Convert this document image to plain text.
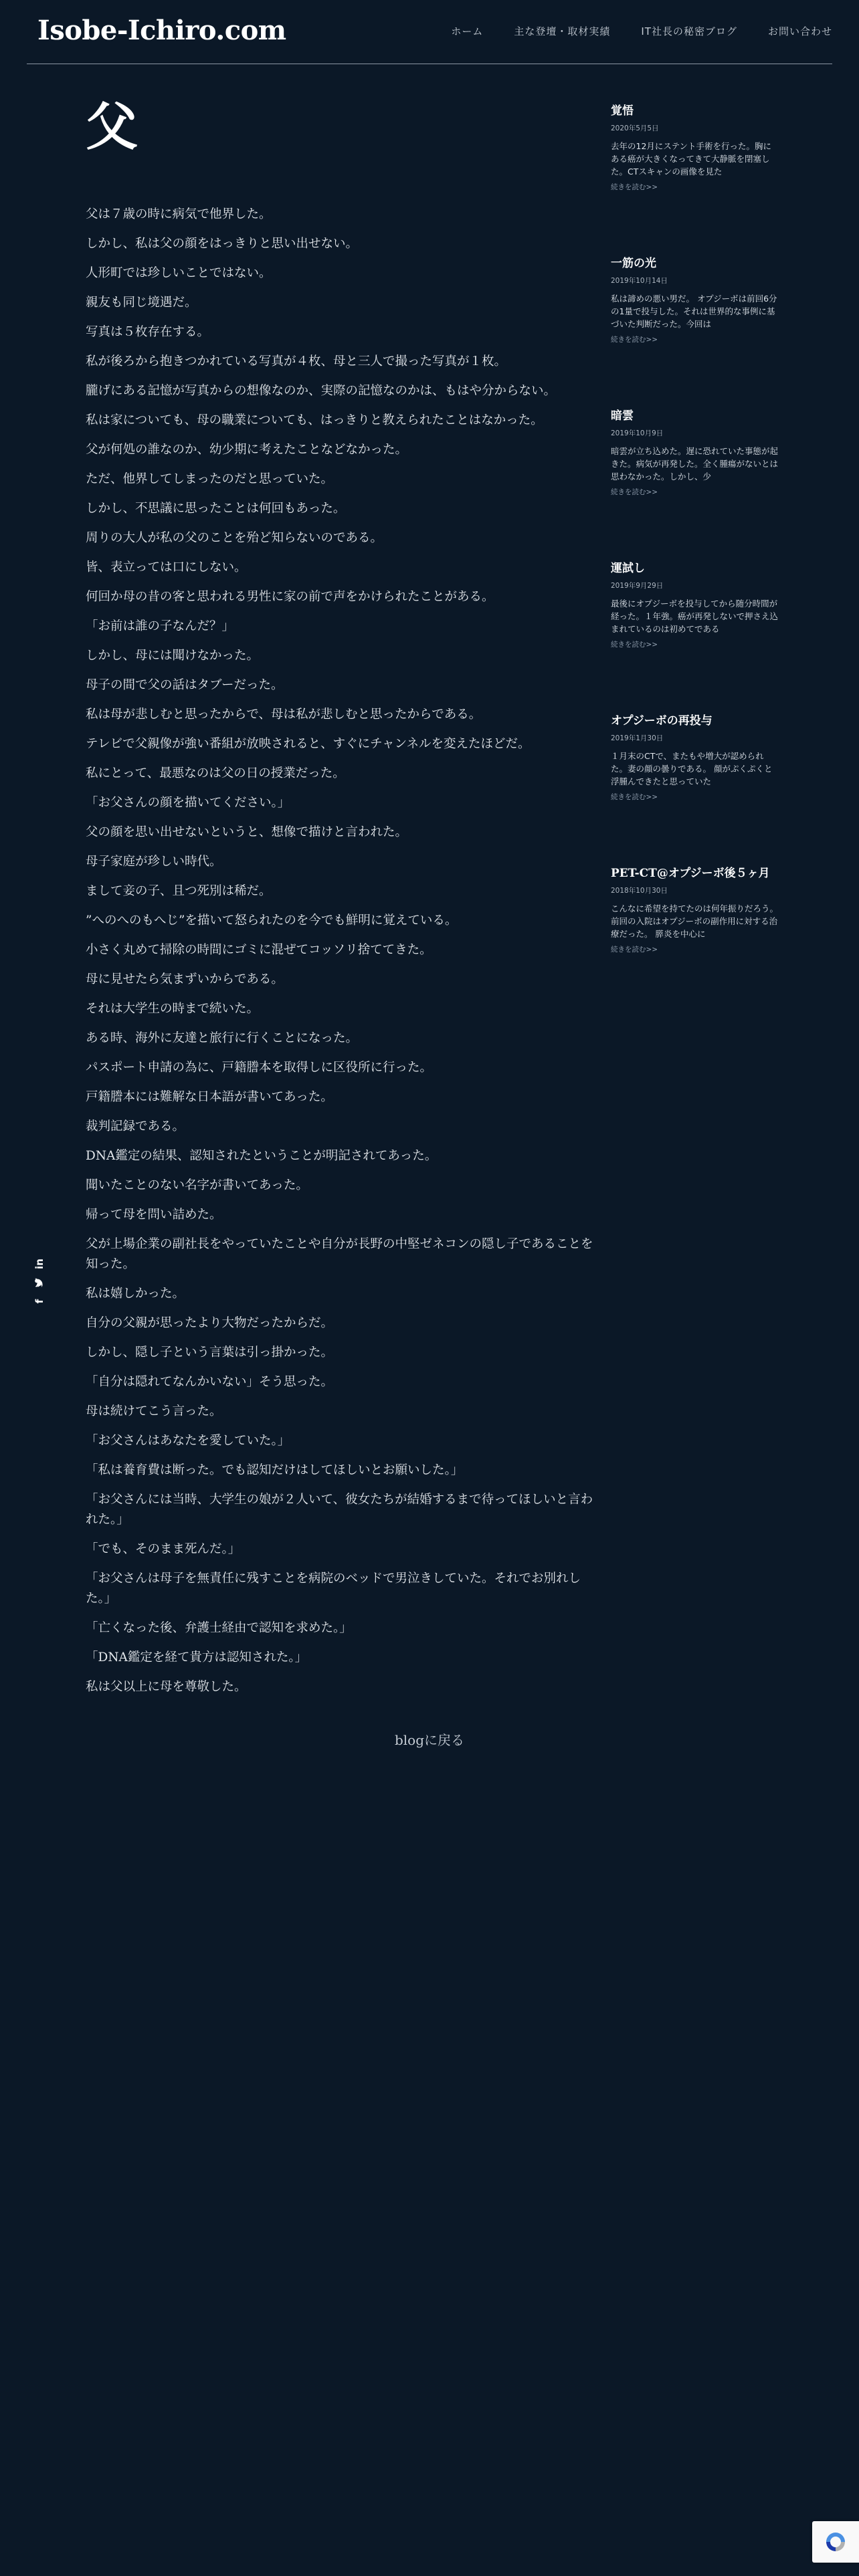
Isobe-Ichiro.com	ホーム	主な登壇・取材実績	IT社長の秘密ブログ	お問い合わせ
in
f
父

父は７歳の時に病気で他界した。

しかし、私は父の顔をはっきりと思い出せない。

人形町では珍しいことではない。

親友も同じ境遇だ。

写真は５枚存在する。

私が後ろから抱きつかれている写真が４枚、母と三人で撮った写真が１枚。

朧げにある記憶が写真からの想像なのか、実際の記憶なのかは、もはや分からない。

私は家についても、母の職業についても、はっきりと教えられたことはなかった。

父が何処の誰なのか、幼少期に考えたことなどなかった。

ただ、他界してしまったのだと思っていた。

しかし、不思議に思ったことは何回もあった。

周りの大人が私の父のことを殆ど知らないのである。

皆、表立っては口にしない。

何回か母の昔の客と思われる男性に家の前で声をかけられたことがある。

「お前は誰の子なんだ？」

しかし、母には聞けなかった。

母子の間で父の話はタブーだった。

私は母が悲しむと思ったからで、母は私が悲しむと思ったからである。

テレビで父親像が強い番組が放映されると、すぐにチャンネルを変えたほどだ。

私にとって、最悪なのは父の日の授業だった。

「お父さんの顔を描いてください。」

父の顔を思い出せないというと、想像で描けと言われた。

母子家庭が珍しい時代。

まして妾の子、且つ死別は稀だ。

”へのへのもへじ”を描いて怒られたのを今でも鮮明に覚えている。

小さく丸めて掃除の時間にゴミに混ぜてコッソリ捨ててきた。

母に見せたら気まずいからである。

それは大学生の時まで続いた。

ある時、海外に友達と旅行に行くことになった。

パスポート申請の為に、戸籍謄本を取得しに区役所に行った。

戸籍謄本には難解な日本語が書いてあった。

裁判記録である。

DNA鑑定の結果、認知されたということが明記されてあった。

聞いたことのない名字が書いてあった。

帰って母を問い詰めた。

父が上場企業の副社長をやっていたことや自分が長野の中堅ゼネコンの隠し子であることを知った。

私は嬉しかった。

自分の父親が思ったより大物だったからだ。

しかし、隠し子という言葉は引っ掛かった。

「自分は隠れてなんかいない」そう思った。

母は続けてこう言った。

「お父さんはあなたを愛していた。」

「私は養育費は断った。でも認知だけはしてほしいとお願いした。」

「お父さんには当時、大学生の娘が２人いて、彼女たちが結婚するまで待ってほしいと言われた。」

「でも、そのまま死んだ。」

「お父さんは母子を無責任に残すことを病院のベッドで男泣きしていた。それでお別れした。」

「亡くなった後、弁護士経由で認知を求めた。」

「DNA鑑定を経て貴方は認知された。」

私は父以上に母を尊敬した。

blogに戻る
覚悟
2020年5月5日
去年の12月にステント手術を行った。胸にある癌が大きくなってきて大静脈を閉塞した。CTスキャンの画像を見た
続きを読む>>
一筋の光
2019年10月14日
私は諦めの悪い男だ。 オプジーボは前回6分の1量で投与した。それは世界的な事例に基づいた判断だった。今回は
続きを読む>>
暗雲
2019年10月9日
暗雲が立ち込めた。遅に恐れていた事態が起きた。病気が再発した。全く腫瘍がないとは思わなかった。しかし、少
続きを読む>>
運試し
2019年9月29日
最後にオプジーボを投与してから随分時間が経った。１年強。癌が再発しないで押さえ込まれているのは初めてである
続きを読む>>
オプジーボの再投与
2019年1月30日
１月末のCTで、またもや増大が認められた。妻の顔の曇りである。 顔がぷくぷくと浮腫んできたと思っていた
続きを読む>>
PET-CT@オプジーボ後５ヶ月
2018年10月30日
こんなに希望を持てたのは何年振りだろう。 前回の入院はオプジーボの副作用に対する治療だった。 膵炎を中心に
続きを読む>>
